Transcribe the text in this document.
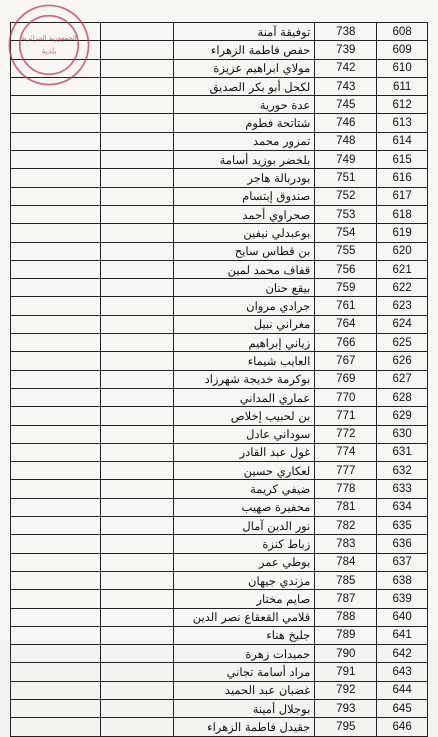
		توفيقة آمنة	738	608
		حفص فاطمة الزهراء	739	609
		مولاي ابراهيم عزيزة	742	610
		لكحل أبو بكر الصديق	743	611
		عدة حورية	745	612
		شتاتحة فطوم	746	613
		تمزور محمد	748	614
		بلخضر بوزيد أسامة	749	615
		بودربالة هاجر	751	616
		صندوق إبتسام	752	617
		صحراوي أحمد	753	618
		بوعبدلي نيفين	754	619
		بن قطاس سايح	755	620
		قفاف محمد لمين	756	621
		بيقع حنان	759	622
		جرادي مروان	761	623
		مغراني نبيل	764	624
		زياني إبراهيم	766	625
		العايب شيماء	767	626
		بوكرمة خديجة شهرزاد	769	627
		عماري المداني	770	628
		بن لحبيب إخلاص	771	629
		سوداني عادل	772	630
		غول عبد القادر	774	631
		لعكاري حسين	777	632
		ضيفي كريمة	778	633
		محفيرة صهيب	781	634
		نور الدين آمال	782	635
		زباط كنزة	783	636
		بوطي عمر	784	637
		مزندي جيهان	785	638
		صايم مختار	787	639
		قلامي القعقاع نصر الدين	788	640
		جليخ هناء	789	641
		حميدات زهرة	790	642
		مراد أسامة تجاني	791	643
		غضبان عبد الحميد	792	644
		بوجلال أمينة	793	645
		جقيدل فاطمة الزهراء	795	646
الجمهورية الجزائرية
بلدية
